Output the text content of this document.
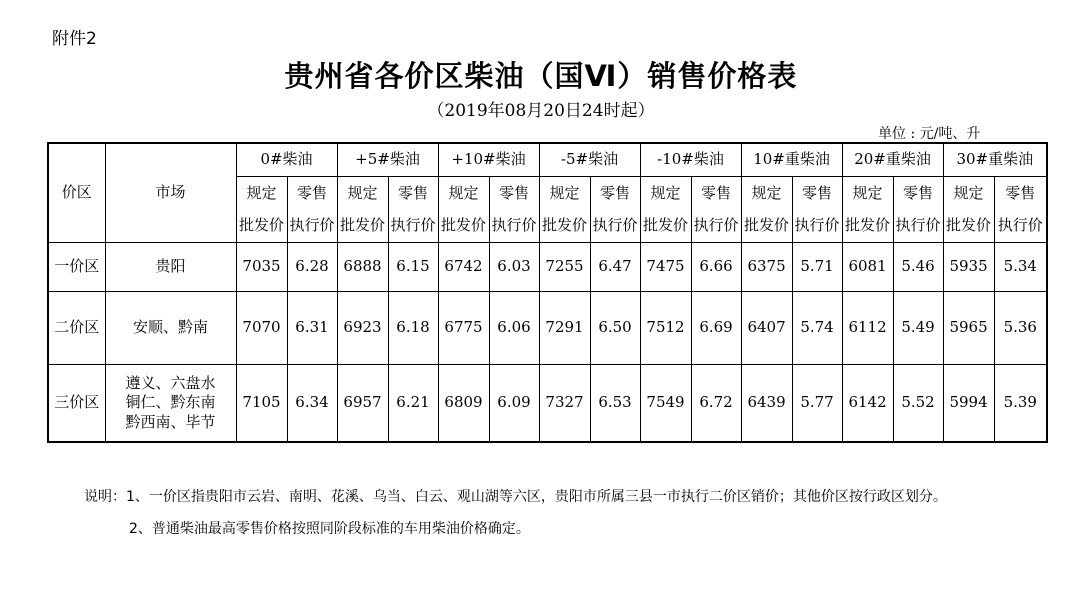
附件2
贵州省各价区柴油（国Ⅵ）销售价格表
（2019年08月20日24时起）
单位 : 元/吨、升
价区	市场	0#柴油		+5#柴油		+10#柴油		-5#柴油		-10#柴油		10#重柴油		20#重柴油		30#重柴油	
		规定	零售	规定	零售	规定	零售	规定	零售	规定	零售	规定	零售	规定	零售	规定	零售
		批发价	执行价	批发价	执行价	批发价	执行价	批发价	执行价	批发价	执行价	批发价	执行价	批发价	执行价	批发价	执行价
一价区	贵阳	7035	6.28	6888	6.15	6742	6.03	7255	6.47	7475	6.66	6375	5.71	6081	5.46	5935	5.34
二价区	安顺、黔南	7070	6.31	6923	6.18	6775	6.06	7291	6.50	7512	6.69	6407	5.74	6112	5.49	5965	5.36
三价区	遵义、六盘水
铜仁、黔东南
黔西南、毕节	7105	6.34	6957	6.21	6809	6.09	7327	6.53	7549	6.72	6439	5.77	6142	5.52	5994	5.39

说明：1、一价区指贵阳市云岩、南明、花溪、乌当、白云、观山湖等六区，贵阳市所属三县一市执行二价区销价；其他价区按行政区划分。

2、普通柴油最高零售价格按照同阶段标准的车用柴油价格确定。
